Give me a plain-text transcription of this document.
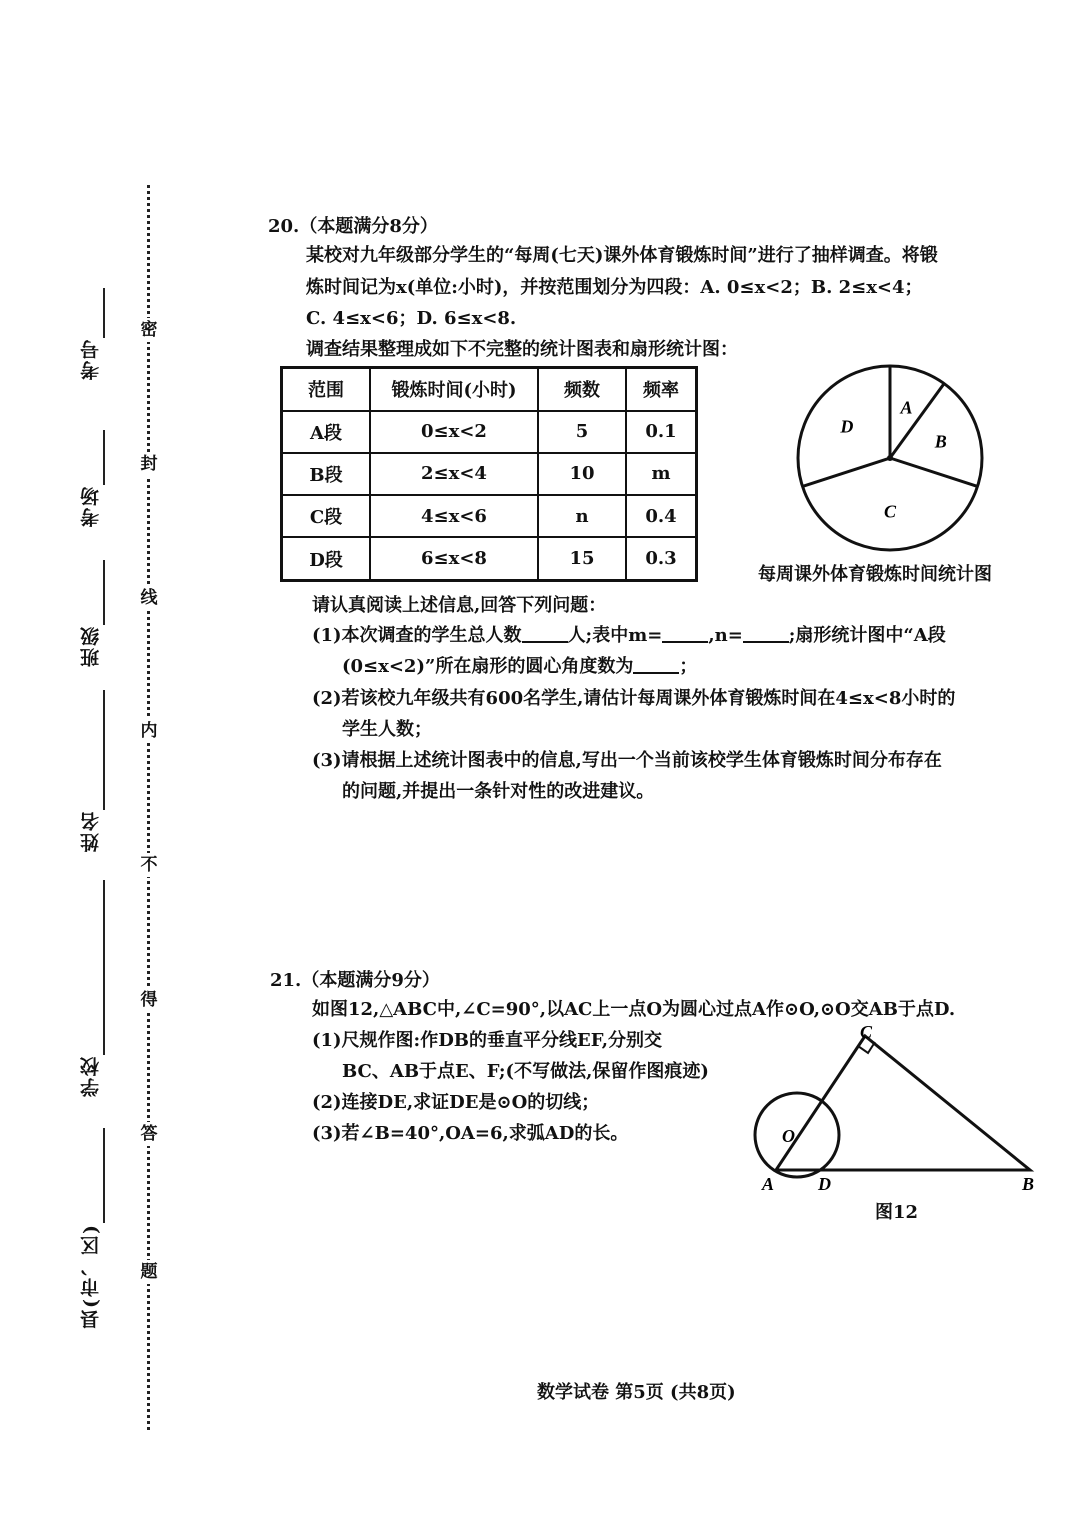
密
封
线
内
不
得
答
题
考号
考场
班级
姓名
学校
县(市、区)
20.（本题满分8分）
某校对九年级部分学生的“每周(七天)课外体育锻炼时间”进行了抽样调查。将锻
炼时间记为x(单位:小时)，并按范围划分为四段：A. 0≤x<2；B. 2≤x<4；
C. 4≤x<6；D. 6≤x<8.
调查结果整理成如下不完整的统计图表和扇形统计图：
范围	锻炼时间(小时)	频数	频率
A段	0≤x<2	5	0.1
B段	2≤x<4	10	m
C段	4≤x<6	n	0.4
D段	6≤x<8	15	0.3
A
B
C
D
每周课外体育锻炼时间统计图
请认真阅读上述信息,回答下列问题：
(1)本次调查的学生总人数	人;表中m=	,n=	;扇形统计图中“A段
(0≤x<2)”所在扇形的圆心角度数为	；
(2)若该校九年级共有600名学生,请估计每周课外体育锻炼时间在4≤x<8小时的
学生人数；
(3)请根据上述统计图表中的信息,写出一个当前该校学生体育锻炼时间分布存在
的问题,并提出一条针对性的改进建议。
21.（本题满分9分）
如图12,△ABC中,∠C=90°,以AC上一点O为圆心过点A作⊙O,⊙O交AB于点D.
(1)尺规作图:作DB的垂直平分线EF,分别交
BC、AB于点E、F;(不写做法,保留作图痕迹)
(2)连接DE,求证DE是⊙O的切线；
(3)若∠B=40°,OA=6,求弧AD的长。
C
O
A D	B
图12
数学试卷 第5页 (共8页)
